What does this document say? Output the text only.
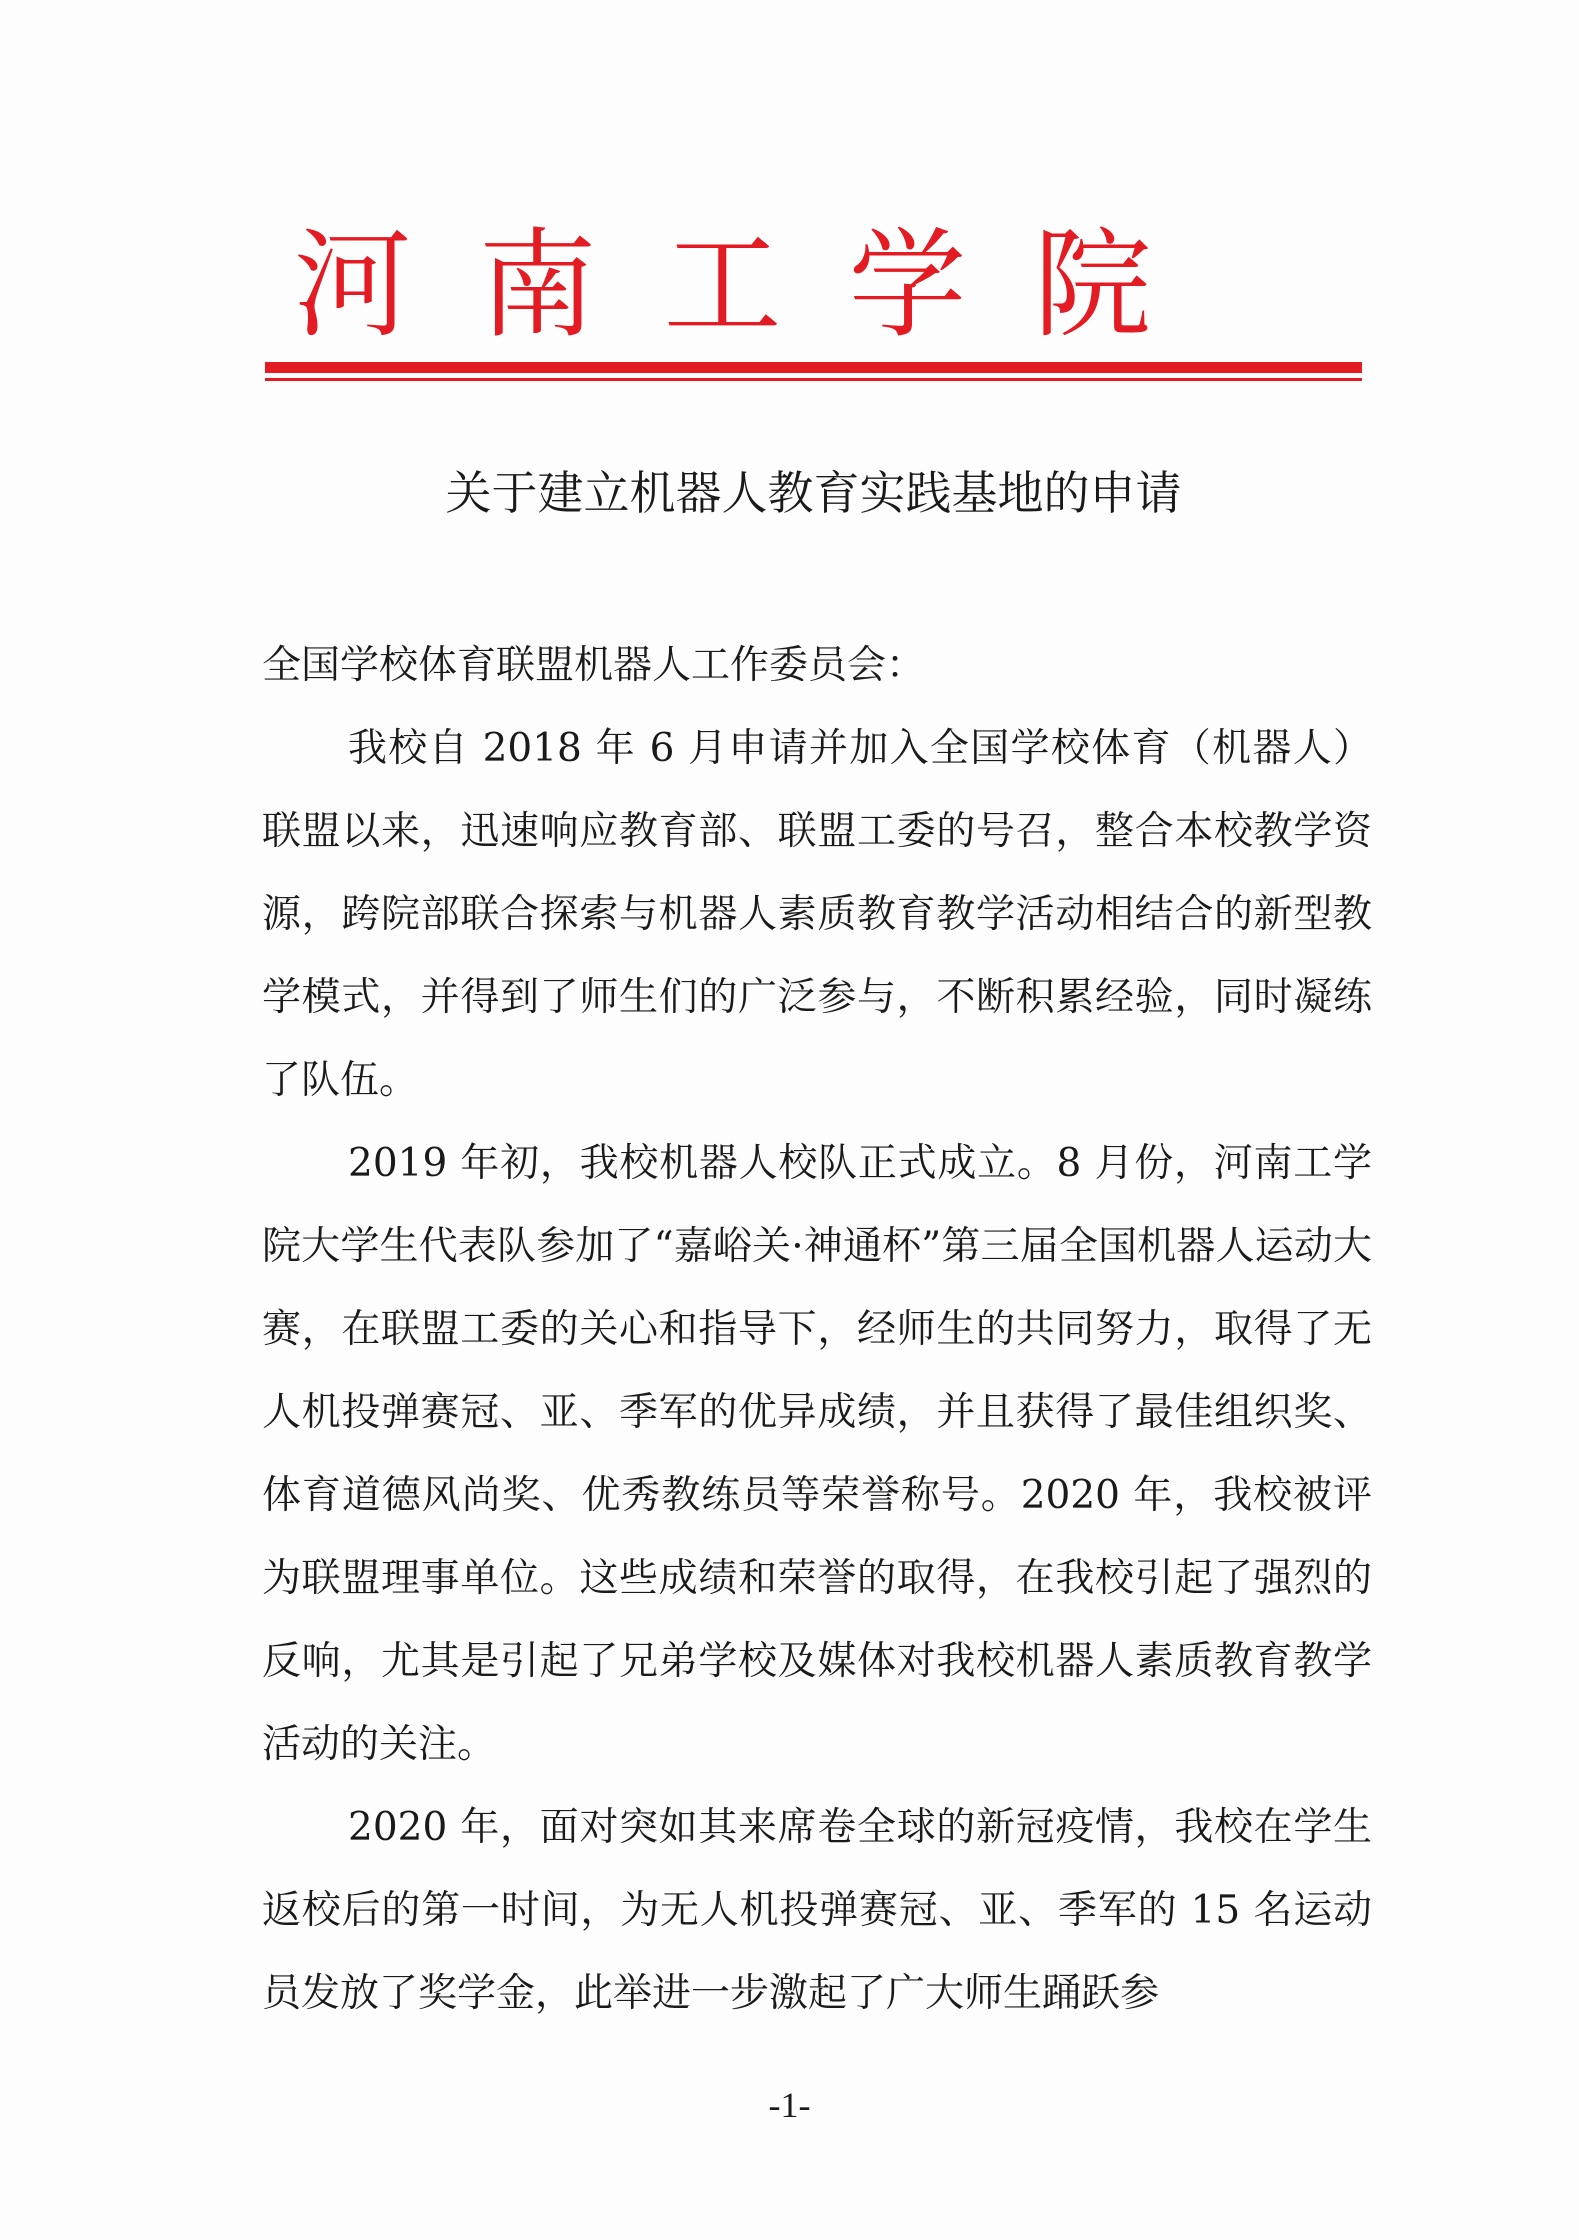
河 南 工 学 院
关于建立机器人教育实践基地的申请

全国学校体育联盟机器人工作委员会：

我校自 2018 年 6 月申请并加入全国学校体育（机器人）联盟以来，迅速响应教育部、联盟工委的号召，整合本校教学资源，跨院部联合探索与机器人素质教育教学活动相结合的新型教学模式，并得到了师生们的广泛参与，不断积累经验，同时凝练了队伍。

2019 年初，我校机器人校队正式成立。8 月份，河南工学院大学生代表队参加了“嘉峪关·神通杯”第三届全国机器人运动大赛，在联盟工委的关心和指导下，经师生的共同努力，取得了无人机投弹赛冠、亚、季军的优异成绩，并且获得了最佳组织奖、体育道德风尚奖、优秀教练员等荣誉称号。2020 年，我校被评为联盟理事单位。这些成绩和荣誉的取得，在我校引起了强烈的反响，尤其是引起了兄弟学校及媒体对我校机器人素质教育教学活动的关注。

2020 年，面对突如其来席卷全球的新冠疫情，我校在学生返校后的第一时间，为无人机投弹赛冠、亚、季军的 15 名运动员发放了奖学金，此举进一步激起了广大师生踊跃参

-1-
